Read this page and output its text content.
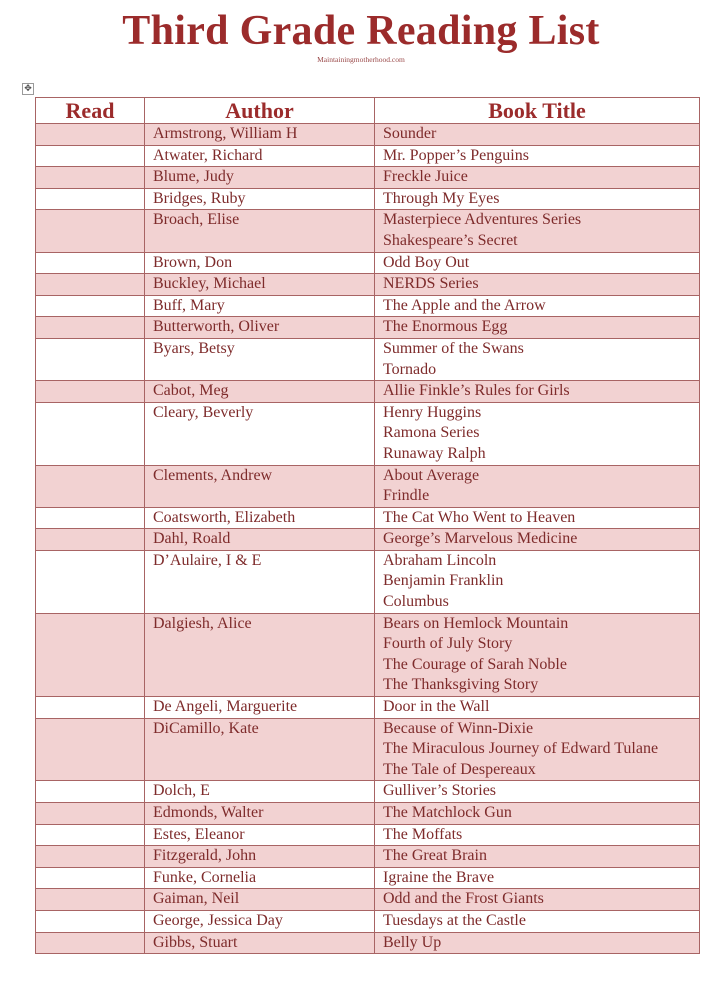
Third Grade Reading List
Maintainingmotherhood.com
✥
Read	Author	Book Title
	Armstrong, William H	Sounder

	Atwater, Richard	Mr. Popper’s Penguins

	Blume, Judy	Freckle Juice

	Bridges, Ruby	Through My Eyes

	Broach, Elise	Masterpiece Adventures Series
Shakespeare’s Secret

	Brown, Don	Odd Boy Out

	Buckley, Michael	NERDS Series

	Buff, Mary	The Apple and the Arrow

	Butterworth, Oliver	The Enormous Egg

	Byars, Betsy	Summer of the Swans
Tornado

	Cabot, Meg	Allie Finkle’s Rules for Girls

	Cleary, Beverly	Henry Huggins
Ramona Series
Runaway Ralph

	Clements, Andrew	About Average
Frindle

	Coatsworth, Elizabeth	The Cat Who Went to Heaven

	Dahl, Roald	George’s Marvelous Medicine

	D’Aulaire, I & E	Abraham Lincoln
Benjamin Franklin
Columbus

	Dalgiesh, Alice	Bears on Hemlock Mountain
Fourth of July Story
The Courage of Sarah Noble
The Thanksgiving Story

	De Angeli, Marguerite	Door in the Wall

	DiCamillo, Kate	Because of Winn-Dixie
The Miraculous Journey of Edward Tulane
The Tale of Despereaux

	Dolch, E	Gulliver’s Stories

	Edmonds, Walter	The Matchlock Gun

	Estes, Eleanor	The Moffats

	Fitzgerald, John	The Great Brain

	Funke, Cornelia	Igraine the Brave

	Gaiman, Neil	Odd and the Frost Giants

	George, Jessica Day	Tuesdays at the Castle

	Gibbs, Stuart	Belly Up
